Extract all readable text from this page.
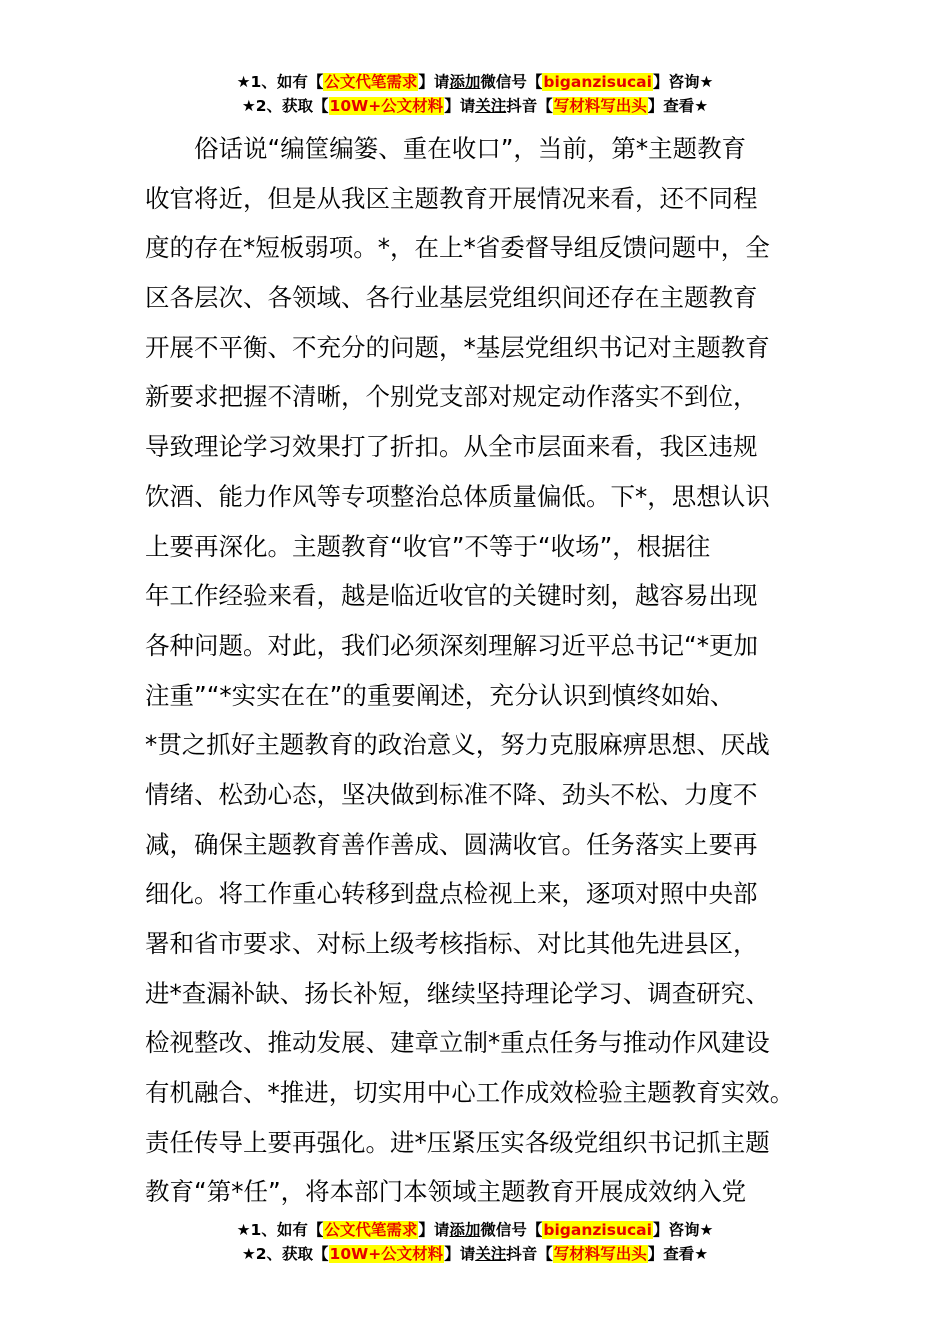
★1、如有【公文代笔需求】请添加微信号【biganzisucai】咨询★
★2、获取【10W+公文材料】请关注抖音【写材料写出头】查看★
　　俗话说“编筐编篓、重在收口”，当前，第*主题教育
收官将近，但是从我区主题教育开展情况来看，还不同程
度的存在*短板弱项。*，在上*省委督导组反馈问题中，全
区各层次、各领域、各行业基层党组织间还存在主题教育
开展不平衡、不充分的问题，*基层党组织书记对主题教育
新要求把握不清晰，个别党支部对规定动作落实不到位，
导致理论学习效果打了折扣。从全市层面来看，我区违规
饮酒、能力作风等专项整治总体质量偏低。下*，思想认识
上要再深化。主题教育“收官”不等于“收场”，根据往
年工作经验来看，越是临近收官的关键时刻，越容易出现
各种问题。对此，我们必须深刻理解习近平总书记“*更加
注重”“*实实在在”的重要阐述，充分认识到慎终如始、
*贯之抓好主题教育的政治意义，努力克服麻痹思想、厌战
情绪、松劲心态，坚决做到标准不降、劲头不松、力度不
减，确保主题教育善作善成、圆满收官。任务落实上要再
细化。将工作重心转移到盘点检视上来，逐项对照中央部
署和省市要求、对标上级考核指标、对比其他先进县区，
进*查漏补缺、扬长补短，继续坚持理论学习、调查研究、
检视整改、推动发展、建章立制*重点任务与推动作风建设
有机融合、*推进，切实用中心工作成效检验主题教育实效。
责任传导上要再强化。进*压紧压实各级党组织书记抓主题
教育“第*任”，将本部门本领域主题教育开展成效纳入党
★1、如有【公文代笔需求】请添加微信号【biganzisucai】咨询★
★2、获取【10W+公文材料】请关注抖音【写材料写出头】查看★
